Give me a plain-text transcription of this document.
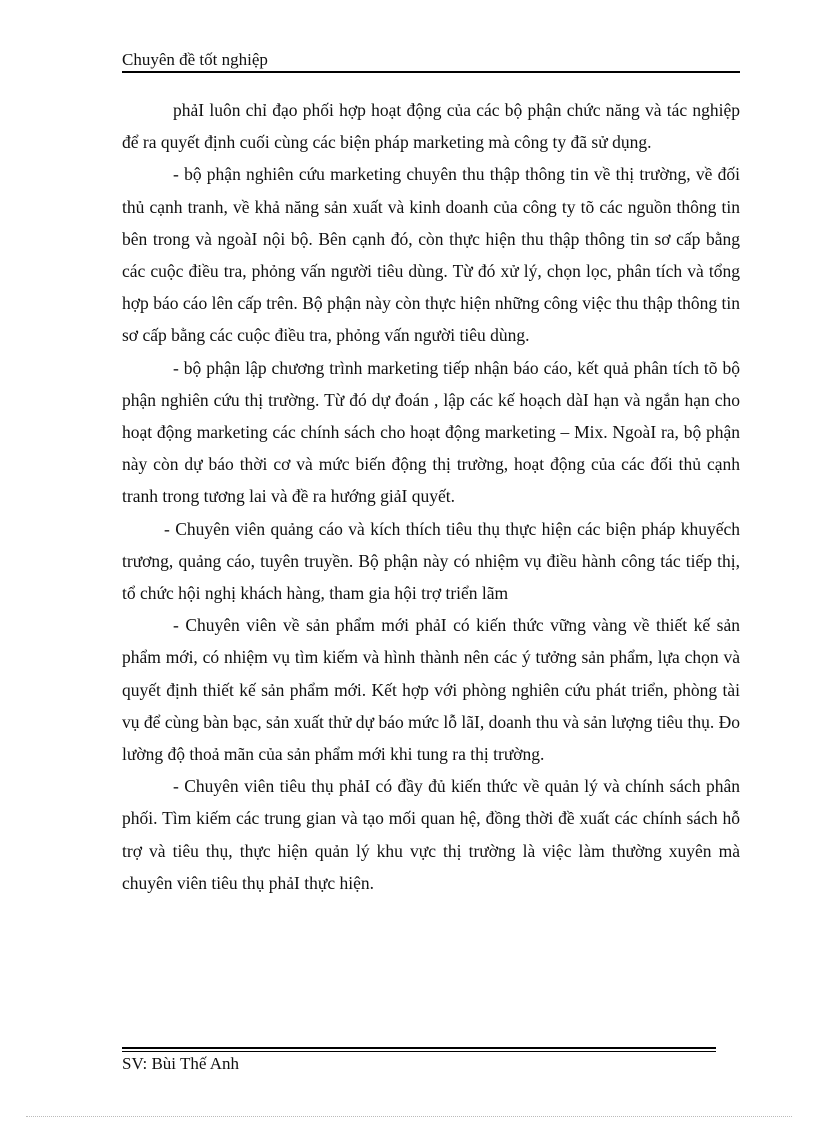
Chuyên đề tốt nghiệp

phảI luôn chỉ đạo phối hợp hoạt động của các bộ phận chức năng và tác nghiệp để ra quyết định cuối cùng các biện pháp marketing mà công ty đã sử dụng.

- bộ phận nghiên cứu marketing chuyên thu thập thông tin về thị trường, về đối thủ cạnh tranh, về khả năng sản xuất và kinh doanh của công ty tõ các nguồn thông tin bên trong và ngoàI nội bộ. Bên cạnh đó, còn thực hiện thu thập thông tin sơ cấp bằng các cuộc điều tra, phỏng vấn người tiêu dùng. Từ đó xử lý, chọn lọc, phân tích và tổng hợp báo cáo lên cấp trên. Bộ phận này còn thực hiện những công việc thu thập thông tin sơ cấp bằng các cuộc điều tra, phỏng vấn người tiêu dùng.

- bộ phận lập chương trình marketing tiếp nhận báo cáo, kết quả phân tích tõ bộ phận nghiên cứu thị trường. Từ đó dự đoán , lập các kế hoạch dàI hạn và ngắn hạn cho hoạt động marketing các chính sách cho hoạt động marketing – Mix. NgoàI ra, bộ phận này còn dự báo thời cơ và mức biến động thị trường, hoạt động của các đối thủ cạnh tranh trong tương lai và đề ra hướng giảI quyết.

- Chuyên viên quảng cáo và kích thích tiêu thụ thực hiện các biện pháp khuyếch trương, quảng cáo, tuyên truyền. Bộ phận này có nhiệm vụ điều hành công tác tiếp thị, tổ chức hội nghị khách hàng, tham gia hội trợ triển lãm

- Chuyên viên về sản phẩm mới phảI có kiến thức vững vàng về thiết kế sản phẩm mới, có nhiệm vụ tìm kiếm và hình thành nên các ý tưởng sản phẩm, lựa chọn và quyết định thiết kế sản phẩm mới. Kết hợp với phòng nghiên cứu phát triển, phòng tài vụ để cùng bàn bạc, sản xuất thử dự báo mức lỗ lãI, doanh thu và sản lượng tiêu thụ. Đo lường độ thoả mãn của sản phẩm mới khi tung ra thị trường.

- Chuyên viên tiêu thụ phảI có đầy đủ kiến thức về quản lý và chính sách phân phối. Tìm kiếm các trung gian và tạo mối quan hệ, đồng thời đề xuất các chính sách hỗ trợ và tiêu thụ, thực hiện quản lý khu vực thị trường là việc làm thường xuyên mà chuyên viên tiêu thụ phảI thực hiện.

SV: Bùi Thế Anh
